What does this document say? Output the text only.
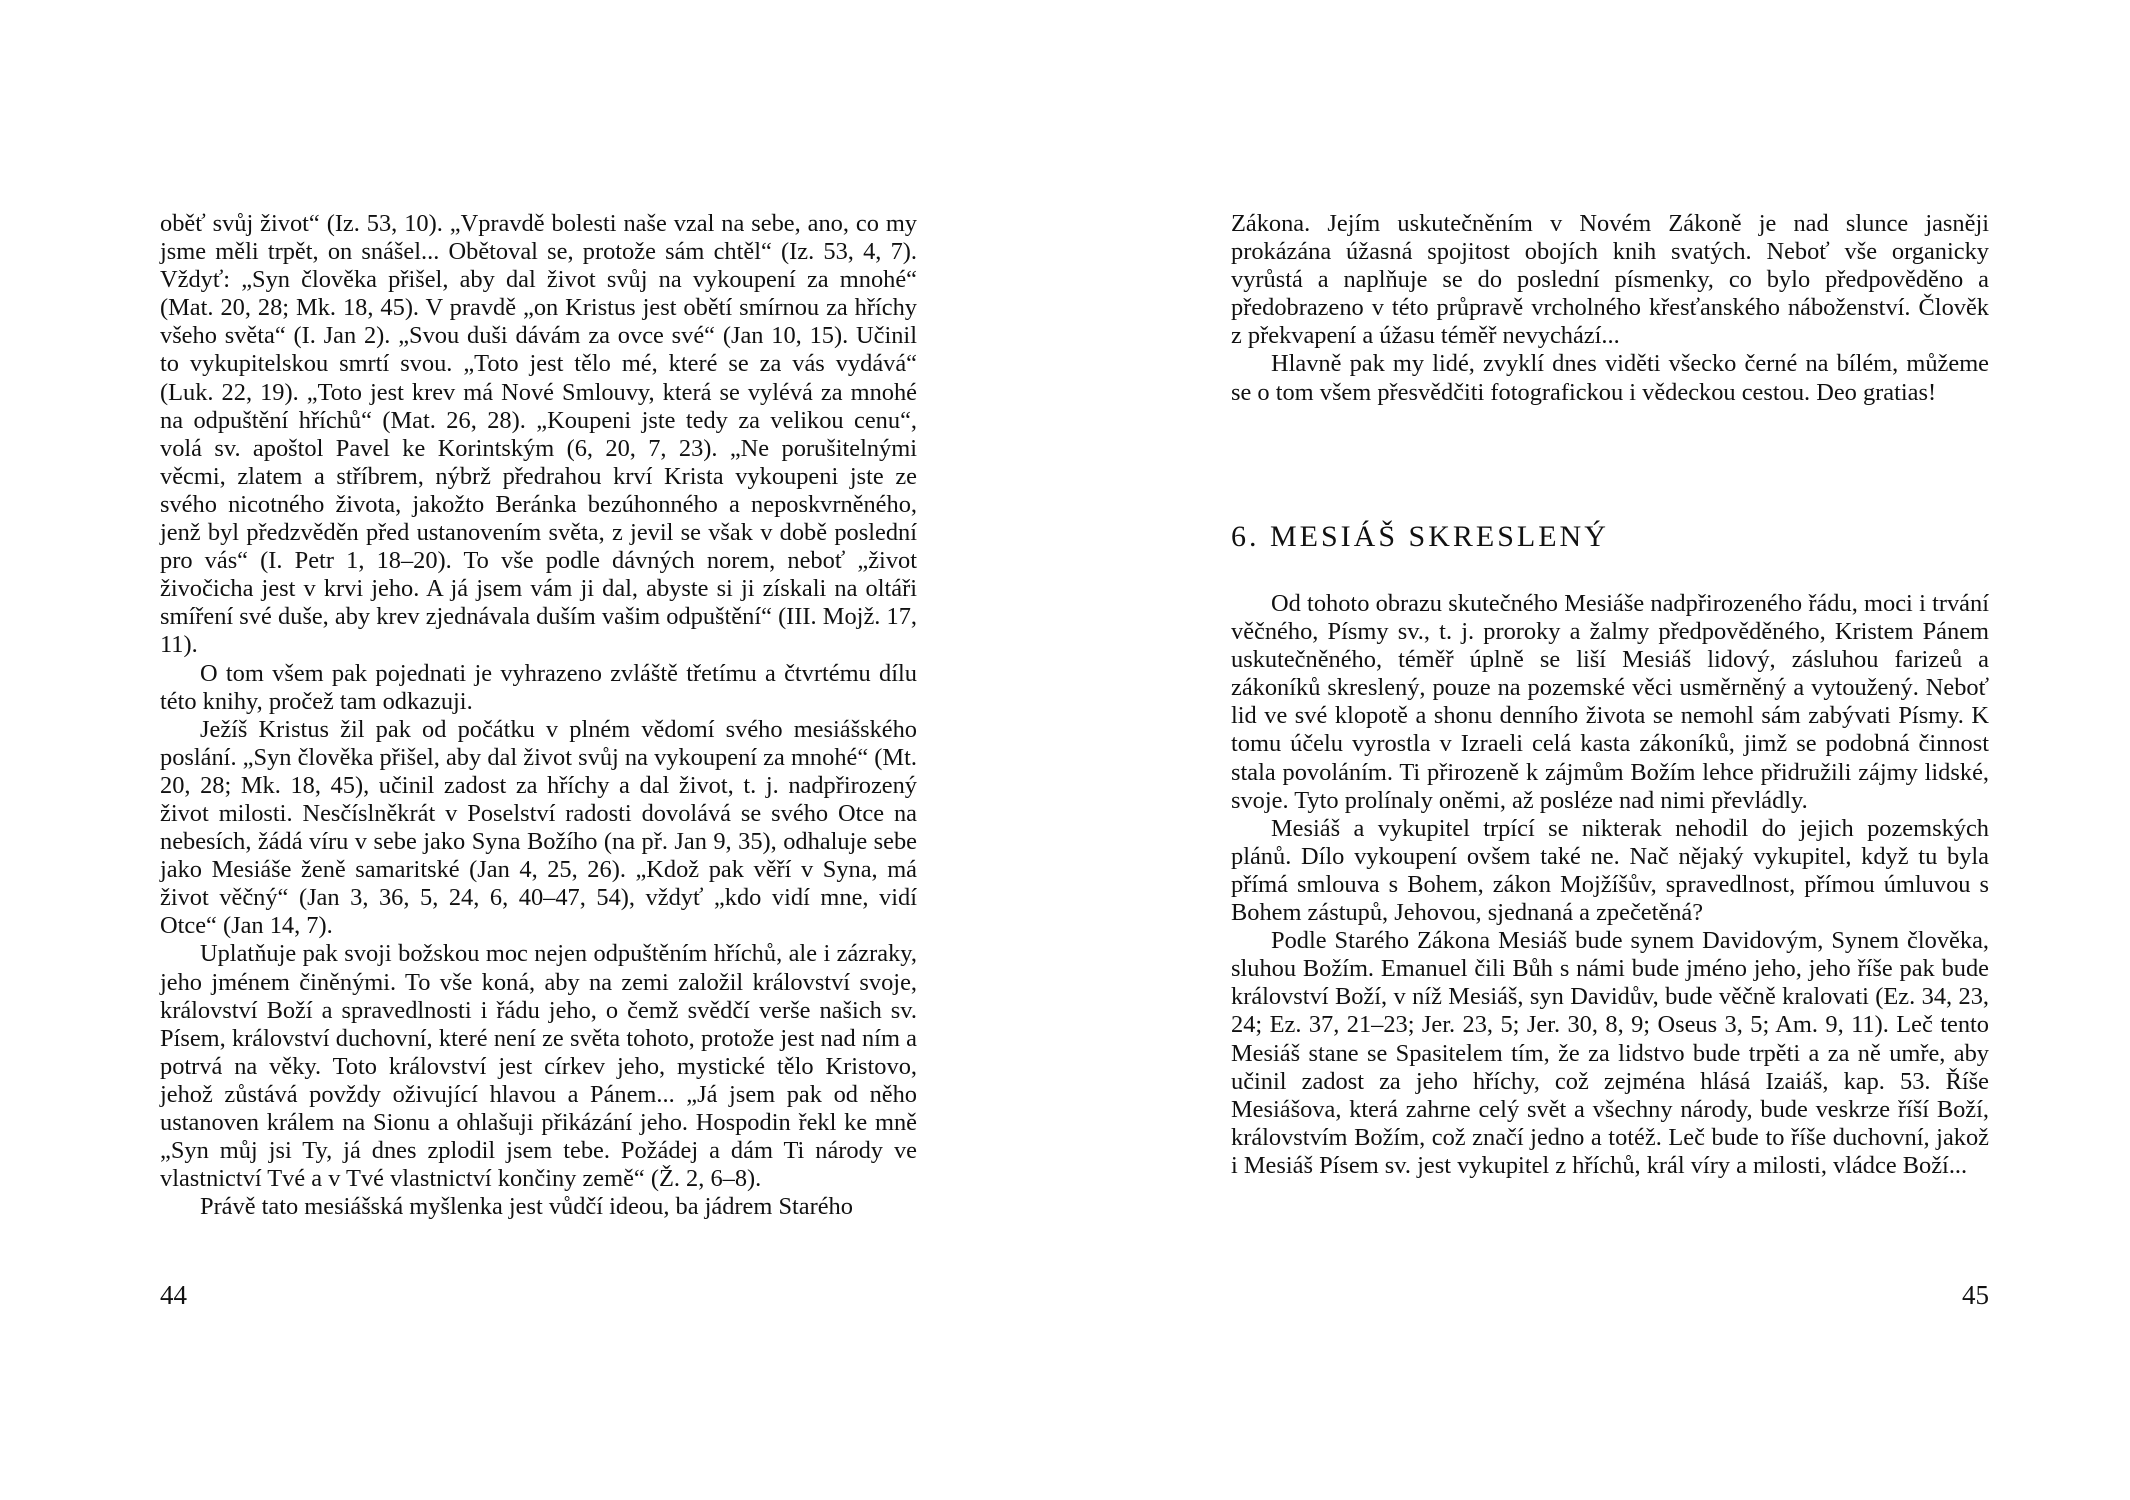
oběť svůj život“ (Iz. 53, 10). „Vpravdě bolesti naše vzal na sebe, ano, co my jsme měli trpět, on snášel... Obětoval se, protože sám chtěl“ (Iz. 53, 4, 7). Vždyť: „Syn člověka přišel, aby dal život svůj na vykoupení za mnohé“ (Mat. 20, 28; Mk. 18, 45). V pravdě „on Kristus jest obětí smírnou za hříchy všeho světa“ (I. Jan 2). „Svou duši dávám za ovce své“ (Jan 10, 15). Učinil to vykupitelskou smrtí svou. „Toto jest tělo mé, které se za vás vydává“ (Luk. 22, 19). „Toto jest krev má Nové Smlouvy, která se vylévá za mnohé na odpuštění hříchů“ (Mat. 26, 28). „Koupeni jste tedy za velikou cenu“, volá sv. apoštol Pavel ke Korintským (6, 20, 7, 23). „Ne porušitelnými věcmi, zlatem a stříbrem, nýbrž předrahou krví Krista vykoupeni jste ze svého nicotného života, jakožto Beránka bezúhonného a neposkvrněného, jenž byl předzvěděn před ustanovením světa, z jevil se však v době poslední pro vás“ (I. Petr 1, 18–20). To vše podle dávných norem, neboť „život živočicha jest v krvi jeho. A já jsem vám ji dal, abyste si ji získali na oltáři smíření své duše, aby krev zjednávala duším vašim odpuštění“ (III. Mojž. 17, 11).

O tom všem pak pojednati je vyhrazeno zvláště třetímu a čtvrtému dílu této knihy, pročež tam odkazuji.

Ježíš Kristus žil pak od počátku v plném vědomí svého mesiášského poslání. „Syn člověka přišel, aby dal život svůj na vykoupení za mnohé“ (Mt. 20, 28; Mk. 18, 45), učinil zadost za hříchy a dal život, t. j. nadpřirozený život milosti. Nesčíslněkrát v Poselství radosti dovolává se svého Otce na nebesích, žádá víru v sebe jako Syna Božího (na př. Jan 9, 35), odhaluje sebe jako Mesiáše ženě samaritské (Jan 4, 25, 26). „Kdož pak věří v Syna, má život věčný“ (Jan 3, 36, 5, 24, 6, 40–47, 54), vždyť „kdo vidí mne, vidí Otce“ (Jan 14, 7).

Uplatňuje pak svoji božskou moc nejen odpuštěním hříchů, ale i zázraky, jeho jménem činěnými. To vše koná, aby na zemi založil království svoje, království Boží a spravedlnosti i řádu jeho, o čemž svědčí verše našich sv. Písem, království duchovní, které není ze světa tohoto, protože jest nad ním a potrvá na věky. Toto království jest církev jeho, mystické tělo Kristovo, jehož zůstává povždy oživující hlavou a Pánem... „Já jsem pak od něho ustanoven králem na Sionu a ohlašuji přikázání jeho. Hospodin řekl ke mně „Syn můj jsi Ty, já dnes zplodil jsem tebe. Požádej a dám Ti národy ve vlastnictví Tvé a v Tvé vlastnictví končiny země“ (Ž. 2, 6–8).

Právě tato mesiášská myšlenka jest vůdčí ideou, ba jádrem Starého

44

Zákona. Jejím uskutečněním v Novém Zákoně je nad slunce jasněji prokázána úžasná spojitost obojích knih svatých. Neboť vše organicky vyrůstá a naplňuje se do poslední písmenky, co bylo předpověděno a předobrazeno v této průpravě vrcholného křesťanského náboženství. Člověk z překvapení a úžasu téměř nevychází...

Hlavně pak my lidé, zvyklí dnes viděti všecko černé na bílém, můžeme se o tom všem přesvědčiti fotografickou i vědeckou cestou. Deo gratias!

6. MESIÁŠ SKRESLENÝ

Od tohoto obrazu skutečného Mesiáše nadpřirozeného řádu, moci i trvání věčného, Písmy sv., t. j. proroky a žalmy předpověděného, Kristem Pánem uskutečněného, téměř úplně se liší Mesiáš lidový, zásluhou farizeů a zákoníků skreslený, pouze na pozemské věci usměrněný a vytoužený. Neboť lid ve své klopotě a shonu denního života se nemohl sám zabývati Písmy. K tomu účelu vyrostla v Izraeli celá kasta zákoníků, jimž se podobná činnost stala povoláním. Ti přirozeně k zájmům Božím lehce přidružili zájmy lidské, svoje. Tyto prolínaly oněmi, až posléze nad nimi převládly.

Mesiáš a vykupitel trpící se nikterak nehodil do jejich pozemských plánů. Dílo vykoupení ovšem také ne. Nač nějaký vykupitel, když tu byla přímá smlouva s Bohem, zákon Mojžíšův, spravedlnost, přímou úmluvou s Bohem zástupů, Jehovou, sjednaná a zpečetěná?

Podle Starého Zákona Mesiáš bude synem Davidovým, Synem člověka, sluhou Božím. Emanuel čili Bůh s námi bude jméno jeho, jeho říše pak bude království Boží, v níž Mesiáš, syn Davidův, bude věčně kralovati (Ez. 34, 23, 24; Ez. 37, 21–23; Jer. 23, 5; Jer. 30, 8, 9; Oseus 3, 5; Am. 9, 11). Leč tento Mesiáš stane se Spasitelem tím, že za lidstvo bude trpěti a za ně umře, aby učinil zadost za jeho hříchy, což zejména hlásá Izaiáš, kap. 53. Říše Mesiášova, která zahrne celý svět a všechny národy, bude veskrze říší Boží, královstvím Božím, což značí jedno a totéž. Leč bude to říše duchovní, jakož i Mesiáš Písem sv. jest vykupitel z hříchů, král víry a milosti, vládce Boží...

45
